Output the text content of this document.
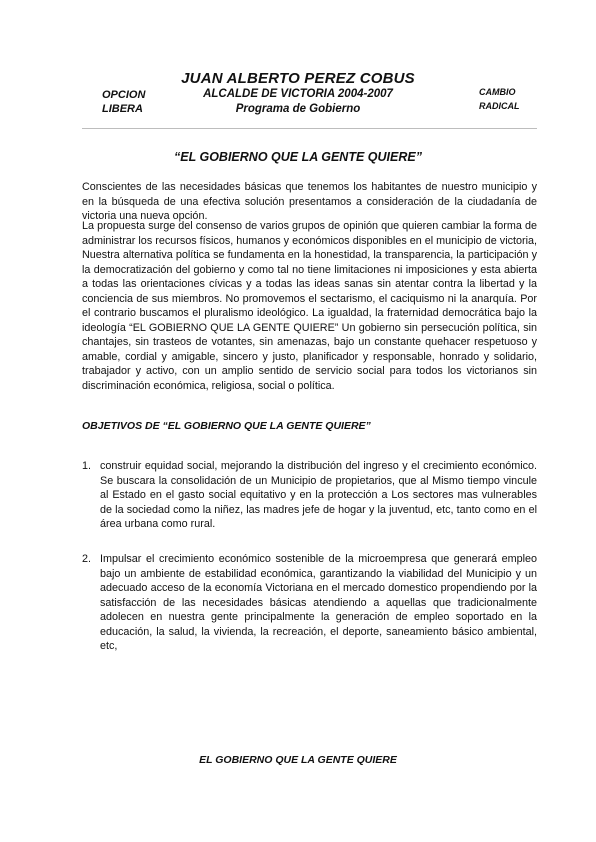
JUAN ALBERTO PEREZ COBUS
ALCALDE DE VICTORIA 2004-2007
Programa de Gobierno
OPCION
LIBERA
CAMBIO
RADICAL
“EL GOBIERNO QUE LA GENTE QUIERE”

Conscientes de las necesidades básicas que tenemos los habitantes de nuestro municipio y en la búsqueda de una efectiva solución presentamos a consideración de la ciudadanía de victoria una nueva opción.

La propuesta surge del consenso de varios grupos de opinión que quieren cambiar la forma de administrar los recursos físicos, humanos y económicos disponibles en el municipio de victoria, Nuestra alternativa política se fundamenta en la honestidad, la transparencia, la participación y la democratización del gobierno y como tal no tiene limitaciones ni imposiciones y esta abierta a todas las orientaciones cívicas y a todas las ideas sanas sin atentar contra la libertad y la conciencia de sus miembros. No promovemos el sectarismo, el caciquismo ni la anarquía. Por el contrario buscamos el pluralismo ideológico. La igualdad, la fraternidad democrática bajo la ideología “EL GOBIERNO QUE LA GENTE QUIERE” Un gobierno sin persecución política, sin chantajes, sin trasteos de votantes, sin amenazas, bajo un constante quehacer respetuoso y amable, cordial y amigable, sincero y justo, planificador y responsable, honrado y solidario, trabajador y activo, con un amplio sentido de servicio social para todos los victorianos sin discriminación económica, religiosa, social o política.

OBJETIVOS DE “EL GOBIERNO QUE LA GENTE QUIERE”
1. construir equidad social, mejorando la distribución del ingreso y el crecimiento económico. Se buscara la consolidación de un Municipio de propietarios, que al Mismo tiempo vincule al Estado en el gasto social equitativo y en la protección a Los sectores mas vulnerables de la sociedad como la niñez, las madres jefe de hogar y la juventud, etc, tanto como en el área urbana como rural.

2. Impulsar el crecimiento económico sostenible de la microempresa que generará empleo bajo un ambiente de estabilidad económica, garantizando la viabilidad del Municipio y un adecuado acceso de la economía Victoriana en el mercado domestico propendiendo por la satisfacción de las necesidades básicas atendiendo a aquellas que tradicionalmente adolecen en nuestra gente principalmente la generación de empleo soportado en la educación, la salud, la vivienda, la recreación, el deporte, saneamiento básico ambiental, etc,

EL GOBIERNO QUE LA GENTE QUIERE
